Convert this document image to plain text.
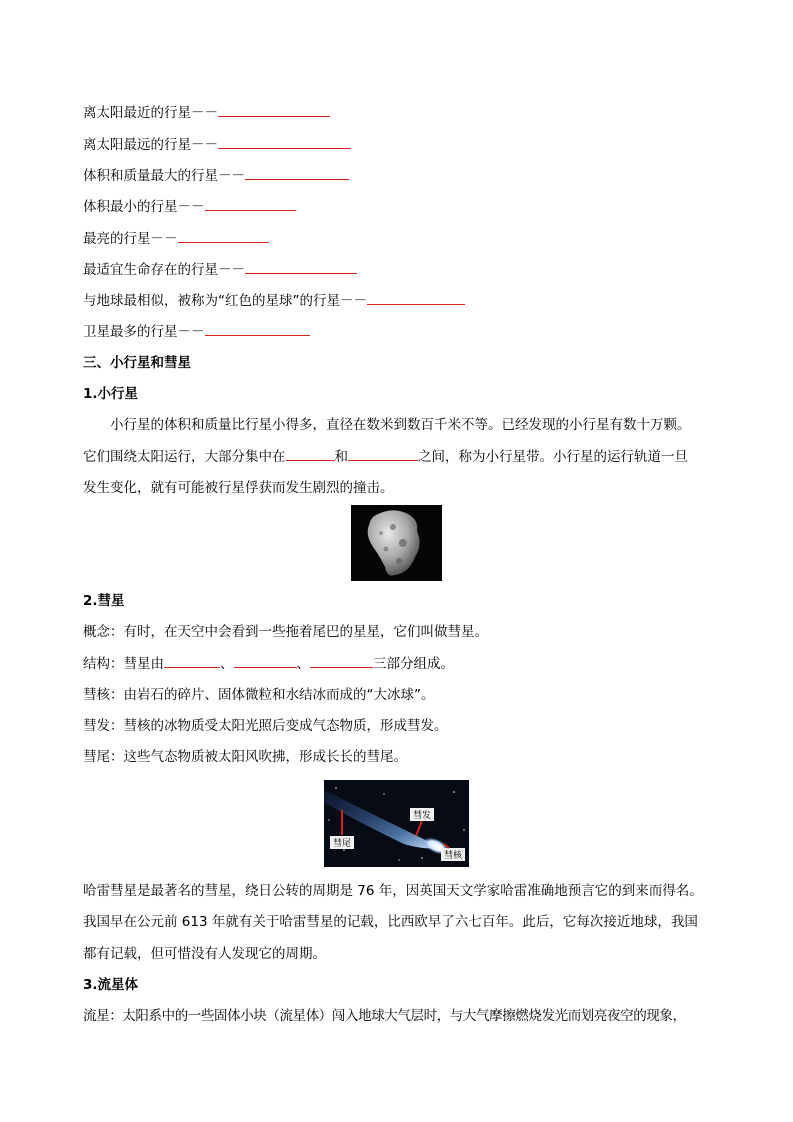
离太阳最近的行星－－
离太阳最远的行星－－
体积和质量最大的行星－－
体积最小的行星－－
最亮的行星－－
最适宜生命存在的行星－－
与地球最相似，被称为“红色的星球”的行星－－
卫星最多的行星－－
三、小行星和彗星
1.小行星
小行星的体积和质量比行星小得多，直径在数米到数百千米不等。已经发现的小行星有数十万颗。
它们围绕太阳运行，大部分集中在	和	之间，称为小行星带。小行星的运行轨道一旦
发生变化，就有可能被行星俘获而发生剧烈的撞击。
2.彗星
概念：有时，在天空中会看到一些拖着尾巴的星星，它们叫做彗星。
结构：彗星由	、	、	三部分组成。
彗核：由岩石的碎片、固体微粒和水结冰而成的“大冰球”。
彗发：彗核的冰物质受太阳光照后变成气态物质，形成彗发。
彗尾：这些气态物质被太阳风吹拂，形成长长的彗尾。
彗发
彗尾
彗核
哈雷彗星是最著名的彗星，绕日公转的周期是 76 年，因英国天文学家哈雷准确地预言它的到来而得名。
我国早在公元前 613 年就有关于哈雷彗星的记载，比西欧早了六七百年。此后，它每次接近地球，我国
都有记载，但可惜没有人发现它的周期。
3.流星体
流星：太阳系中的一些固体小块（流星体）闯入地球大气层时，与大气摩擦燃烧发光而划亮夜空的现象，
